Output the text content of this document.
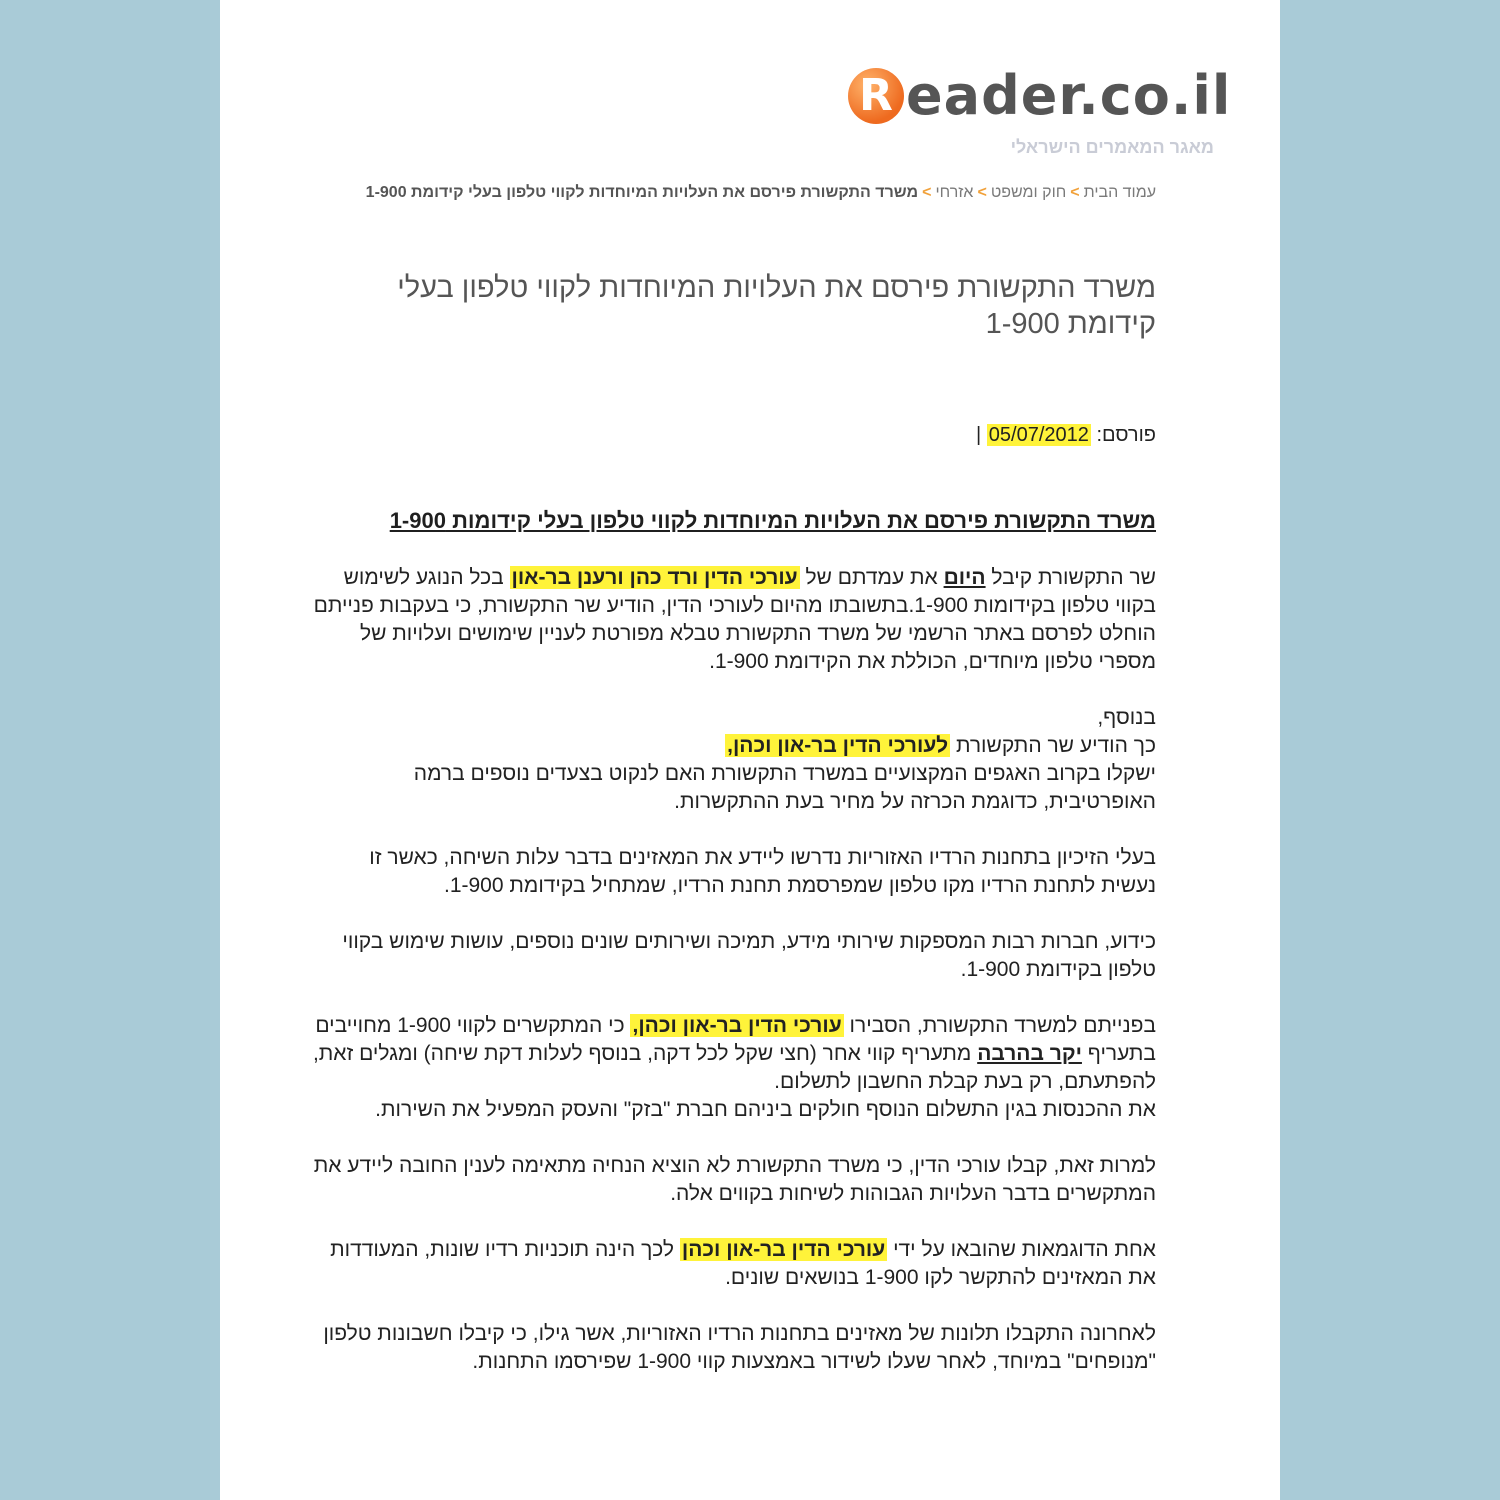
R eader.co.il
מאגר המאמרים הישראלי
עמוד הבית>חוק ומשפט>אזרחי>משרד התקשורת פירסם את העלויות המיוחדות לקווי טלפון בעלי קידומת 1-900
משרד התקשורת פירסם את העלויות המיוחדות לקווי טלפון בעלי קידומת 1-900
פורסם: 05/07/2012 |
משרד התקשורת פירסם את העלויות המיוחדות לקווי טלפון בעלי קידומות 1-900

שר התקשורת קיבל היום את עמדתם של עורכי הדין ורד כהן ורענן בר-און בכל הנוגע לשימוש בקווי טלפון בקידומות 1-900.בתשובתו מהיום לעורכי הדין, הודיע שר התקשורת, כי בעקבות פנייתם הוחלט לפרסם באתר הרשמי של משרד התקשורת טבלא מפורטת לעניין שימושים ועלויות של מספרי טלפון מיוחדים, הכוללת את הקידומת 1-900.

בנוסף,
כך הודיע שר התקשורת לעורכי הדין בר-און וכהן,
ישקלו בקרוב האגפים המקצועיים במשרד התקשורת האם לנקוט בצעדים נוספים ברמה האופרטיבית, כדוגמת הכרזה על מחיר בעת ההתקשרות.

בעלי הזיכיון בתחנות הרדיו האזוריות נדרשו ליידע את המאזינים בדבר עלות השיחה, כאשר זו נעשית לתחנת הרדיו מקו טלפון שמפרסמת תחנת הרדיו, שמתחיל בקידומת 1-900.

כידוע, חברות רבות המספקות שירותי מידע, תמיכה ושירותים שונים נוספים, עושות שימוש בקווי טלפון בקידומת 1-900.

בפנייתם למשרד התקשורת, הסבירו עורכי הדין בר-און וכהן, כי המתקשרים לקווי 1-900 מחוייבים בתעריף יקר בהרבה מתעריף קווי אחר (חצי שקל לכל דקה, בנוסף לעלות דקת שיחה) ומגלים זאת, להפתעתם, רק בעת קבלת החשבון לתשלום.
את ההכנסות בגין התשלום הנוסף חולקים ביניהם חברת "בזק" והעסק המפעיל את השירות.

למרות זאת, קבלו עורכי הדין, כי משרד התקשורת לא הוציא הנחיה מתאימה לענין החובה ליידע את המתקשרים בדבר העלויות הגבוהות לשיחות בקווים אלה.

אחת הדוגמאות שהובאו על ידי עורכי הדין בר-און וכהן לכך הינה תוכניות רדיו שונות, המעודדות את המאזינים להתקשר לקו 1-900 בנושאים שונים.

לאחרונה התקבלו תלונות של מאזינים בתחנות הרדיו האזוריות, אשר גילו, כי קיבלו חשבונות טלפון "מנופחים" במיוחד, לאחר שעלו לשידור באמצעות קווי 1-900 שפירסמו התחנות.
